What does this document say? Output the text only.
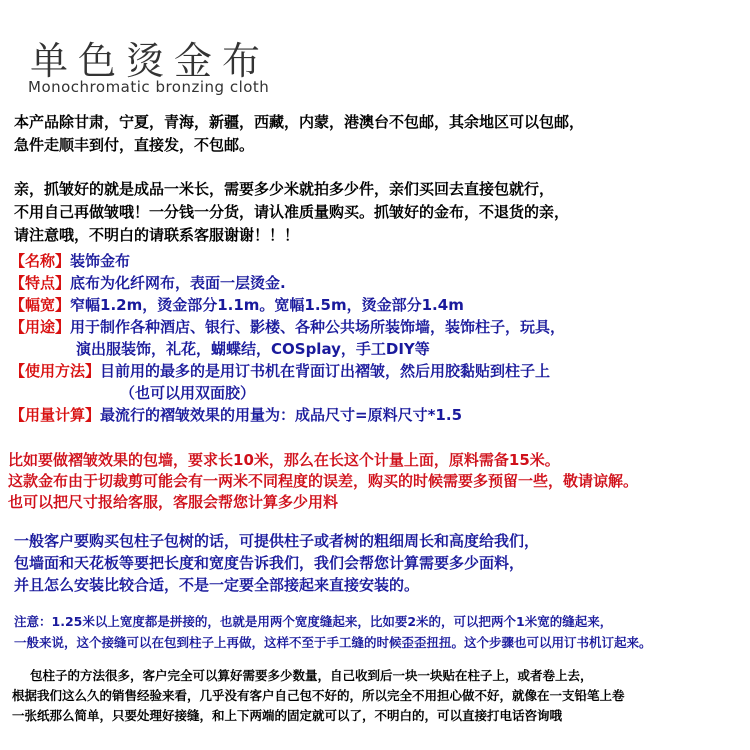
单色烫金布
Monochromatic bronzing cloth
本产品除甘肃，宁夏，青海，新疆，西藏，内蒙，港澳台不包邮，其余地区可以包邮，
急件走顺丰到付，直接发，不包邮。
亲，抓皱好的就是成品一米长，需要多少米就拍多少件，亲们买回去直接包就行，
不用自己再做皱哦！一分钱一分货，请认准质量购买。抓皱好的金布，不退货的亲，
请注意哦，不明白的请联系客服谢谢！！！
【名称】装饰金布
【特点】底布为化纤网布，表面一层烫金.
【幅宽】窄幅1.2m，烫金部分1.1m。宽幅1.5m，烫金部分1.4m
【用途】用于制作各种酒店、银行、影楼、各种公共场所装饰墙，装饰柱子，玩具，
演出服装饰，礼花，蝴蝶结，COSplay，手工DIY等
【使用方法】目前用的最多的是用订书机在背面订出褶皱，然后用胶黏贴到柱子上
（也可以用双面胶）
【用量计算】最流行的褶皱效果的用量为：成品尺寸=原料尺寸*1.5
比如要做褶皱效果的包墙，要求长10米，那么在长这个计量上面，原料需备15米。
这款金布由于切裁剪可能会有一两米不同程度的误差，购买的时候需要多预留一些，敬请谅解。
也可以把尺寸报给客服，客服会帮您计算多少用料
一般客户要购买包柱子包树的话，可提供柱子或者树的粗细周长和高度给我们，
包墙面和天花板等要把长度和宽度告诉我们，我们会帮您计算需要多少面料，
并且怎么安装比较合适，不是一定要全部接起来直接安装的。
注意：1.25米以上宽度都是拼接的，也就是用两个宽度缝起来，比如要2米的，可以把两个1米宽的缝起来，
一般来说，这个接缝可以在包到柱子上再做，这样不至于手工缝的时候歪歪扭扭。这个步骤也可以用订书机订起来。
包柱子的方法很多，客户完全可以算好需要多少数量，自己收到后一块一块贴在柱子上，或者卷上去，
根据我们这么久的销售经验来看，几乎没有客户自己包不好的，所以完全不用担心做不好，就像在一支铅笔上卷
一张纸那么简单，只要处理好接缝，和上下两端的固定就可以了，不明白的，可以直接打电话咨询哦
